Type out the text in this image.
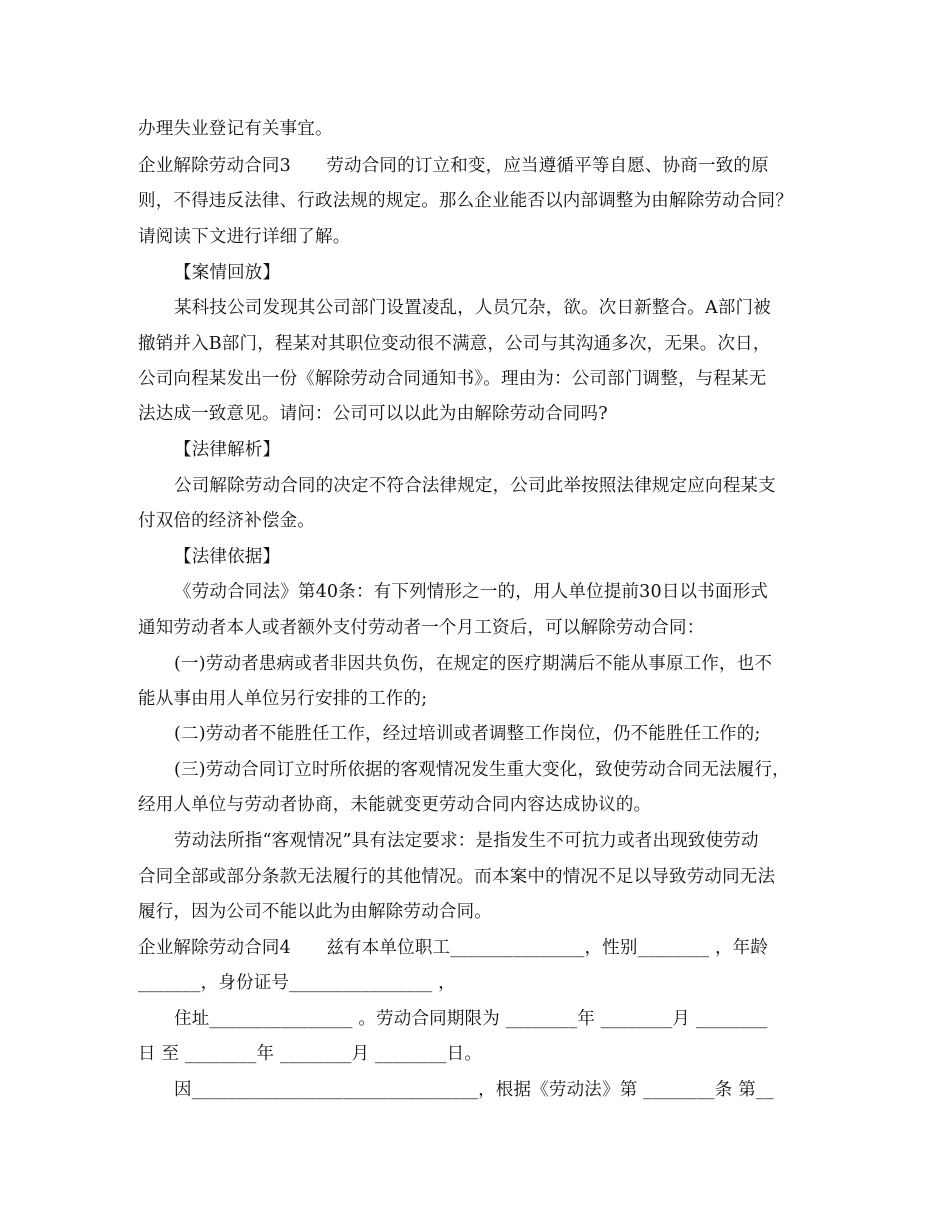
办理失业登记有关事宜。
企业解除劳动合同3　　劳动合同的订立和变，应当遵循平等自愿、协商一致的原
则，不得违反法律、行政法规的规定。那么企业能否以内部调整为由解除劳动合同？
请阅读下文进行详细了解。
【案情回放】
某科技公司发现其公司部门设置凌乱，人员冗杂，欲。次日新整合。A部门被
撤销并入B部门，程某对其职位变动很不满意，公司与其沟通多次，无果。次日，
公司向程某发出一份《解除劳动合同通知书》。理由为：公司部门调整，与程某无
法达成一致意见。请问：公司可以以此为由解除劳动合同吗?
【法律解析】
公司解除劳动合同的决定不符合法律规定，公司此举按照法律规定应向程某支
付双倍的经济补偿金。
【法律依据】
《劳动合同法》第40条：有下列情形之一的，用人单位提前30日以书面形式
通知劳动者本人或者额外支付劳动者一个月工资后，可以解除劳动合同：
(一)劳动者患病或者非因共负伤，在规定的医疗期满后不能从事原工作，也不
能从事由用人单位另行安排的工作的;
(二)劳动者不能胜任工作，经过培训或者调整工作岗位，仍不能胜任工作的;
(三)劳动合同订立时所依据的客观情况发生重大变化，致使劳动合同无法履行，
经用人单位与劳动者协商，未能就变更劳动合同内容达成协议的。
劳动法所指“客观情况”具有法定要求：是指发生不可抗力或者出现致使劳动
合同全部或部分条款无法履行的其他情况。而本案中的情况不足以导致劳动同无法
履行，因为公司不能以此为由解除劳动合同。
企业解除劳动合同4　　兹有本单位职工_______________，性别________ ，年龄
_______，身份证号________________ ，
住址________________ 。劳动合同期限为 ________年 ________月 ________
日 至 ________年 ________月 ________日。
因________________________________，根据《劳动法》第 ________条 第__
